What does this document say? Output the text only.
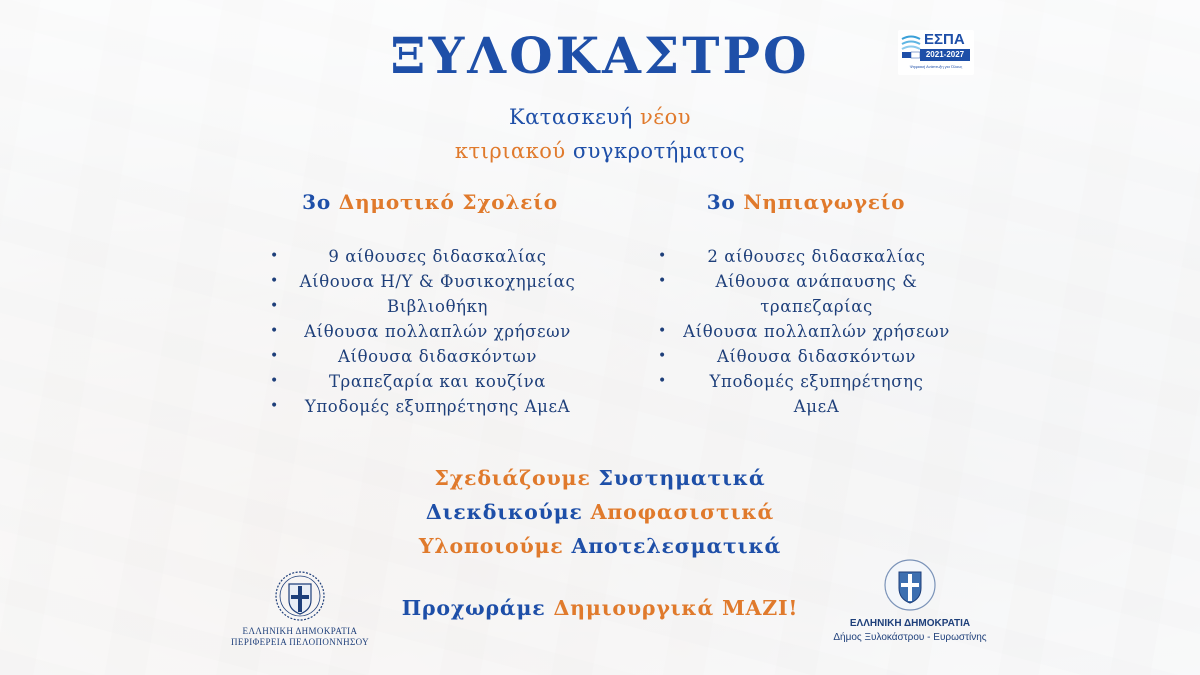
ΞΥΛΟΚΑΣΤΡΟ	ΕΣΠΑ
2021-2027
Ψηφιακή Ανάπτυξη για Όλους
Κατασκευή νέου
κτιριακού συγκροτήματος
3ο Δημοτικό Σχολείο	3ο Νηπιαγωγείο
•	9 αίθουσες διδασκαλίας
• Αίθουσα Η/Υ & Φυσικοχημείας
•	Βιβλιοθήκη
• Αίθουσα πολλαπλών χρήσεων
•	Αίθουσα διδασκόντων
•	Τραπεζαρία και κουζίνα
• Υποδομές εξυπηρέτησης ΑμεΑ
• 2 αίθουσες διδασκαλίας
•	Αίθουσα ανάπαυσης &
τραπεζαρίας
• Αίθουσα πολλαπλών χρήσεων
•	Αίθουσα διδασκόντων
•	Υποδομές εξυπηρέτησης
ΑμεΑ
Σχεδιάζουμε Συστηματικά
Διεκδικούμε Αποφασιστικά
Υλοποιούμε Αποτελεσματικά
Προχωράμε Δημιουργικά ΜΑΖΙ!
ΕΛΛΗΝΙΚΗ ΔΗΜΟΚΡΑΤΙΑ
ΠΕΡΙΦΕΡΕΙΑ ΠΕΛΟΠΟΝΝΗΣΟΥ
ΕΛΛΗΝΙΚΗ ΔΗΜΟΚΡΑΤΙΑ
Δήμος Ξυλοκάστρου - Ευρωστίνης
